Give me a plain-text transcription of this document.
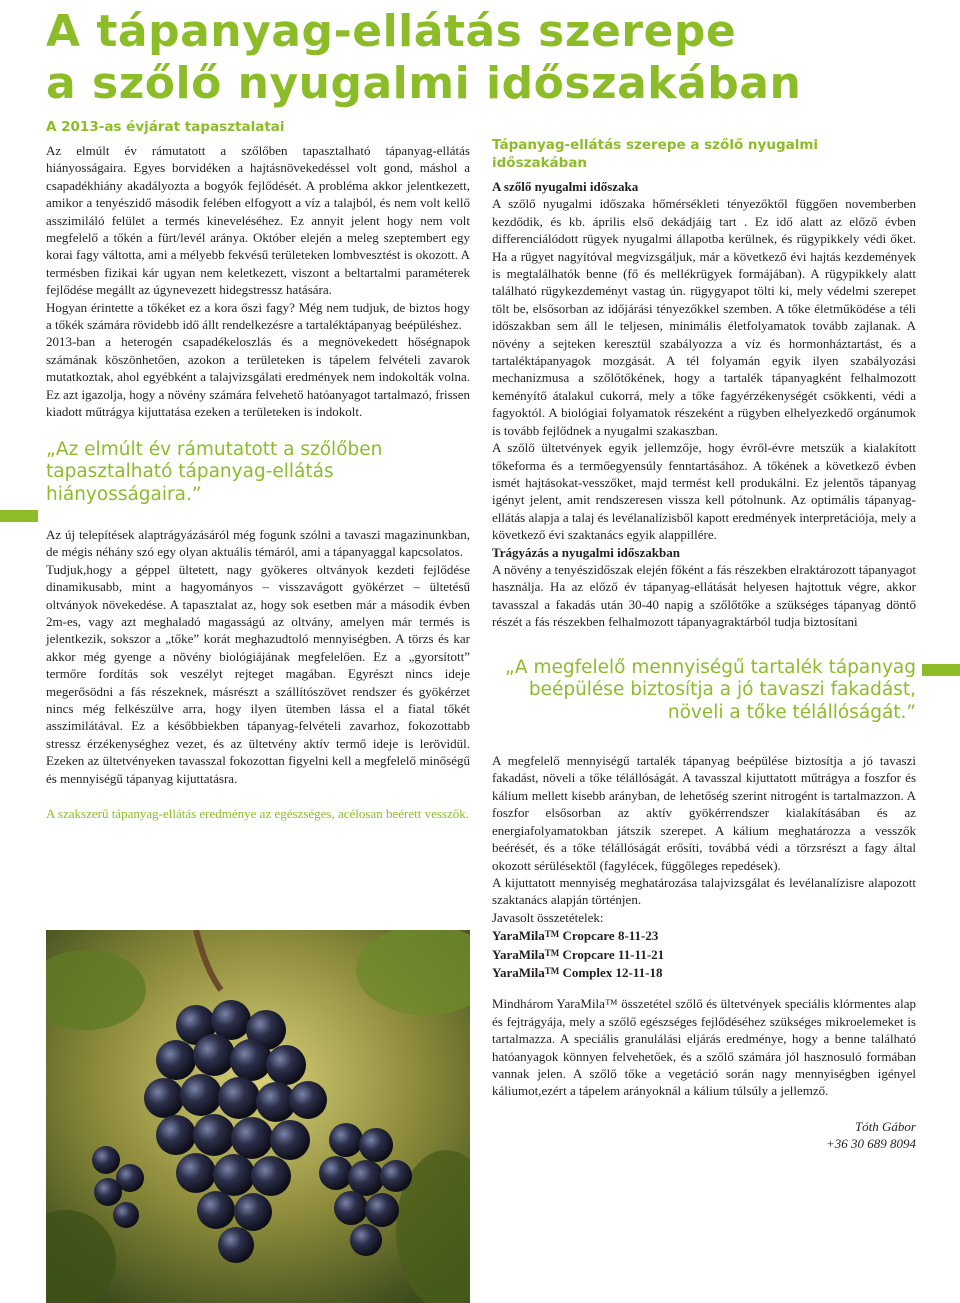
A tápanyag-ellátás szerepe
a szőlő nyugalmi időszakában
A 2013-as évjárat tapasztalatai

Az elmúlt év rámutatott a szőlőben tapasztalható tápanyag-ellátás hiányosságaira. Egyes borvidéken a hajtásnövekedéssel volt gond, máshol a csapadékhiány akadályozta a bogyók fejlődését. A probléma akkor jelentkezett, amikor a tenyészidő második felében elfogyott a víz a talajból, és nem volt kellő asszimiláló felület a termés kineveléséhez. Ez annyit jelent hogy nem volt megfelelő a tőkén a fürt/levél aránya. Október elején a meleg szeptembert egy korai fagy váltotta, ami a mélyebb fekvésű területeken lombvesztést is okozott. A termésben fizikai kár ugyan nem keletkezett, viszont a beltartalmi paraméterek fejlődése megállt az úgynevezett hidegstressz hatására.

Hogyan érintette a tőkéket ez a kora őszi fagy? Még nem tudjuk, de biztos hogy a tőkék számára rövidebb idő állt rendelkezésre a tartaléktápanyag beépüléshez.

2013-ban a heterogén csapadékeloszlás és a megnövekedett hőségnapok számának köszönhetően, azokon a területeken is tápelem felvételi zavarok mutatkoztak, ahol egyébként a talajvizsgálati eredmények nem indokolták volna. Ez azt igazolja, hogy a növény számára felvehető hatóanyagot tartalmazó, frissen kiadott műtrágya kijuttatása ezeken a területeken is indokolt.

„Az elmúlt év rámutatott a szőlőben tapasztalható tápanyag-ellátás hiányosságaira.”

Az új telepítések alaptrágyázásáról még fogunk szólni a tavaszi magazinunkban, de mégis néhány szó egy olyan aktuális témáról, ami a tápanyaggal kapcsolatos.

Tudjuk,hogy a géppel ültetett, nagy gyökeres oltványok kezdeti fejlődése dinamikusabb, mint a hagyományos – visszavágott gyökérzet – ültetésű oltványok növekedése. A tapasztalat az, hogy sok esetben már a második évben 2m-es, vagy azt meghaladó magasságú az oltvány, amelyen már termés is jelentkezik, sokszor a „tőke” korát meghazudtoló mennyiségben. A törzs és kar akkor még gyenge a növény biológiájának megfelelően. Ez a „gyorsított” termőre fordítás sok veszélyt rejteget magában. Egyrészt nincs ideje megerősödni a fás részeknek, másrészt a szállítószövet rendszer és gyökérzet nincs még felkészülve arra, hogy ilyen ütemben lássa el a fiatal tőkét asszimilátával. Ez a későbbiekben tápanyag-felvételi zavarhoz, fokozottabb stressz érzékenységhez vezet, és az ültetvény aktív termő ideje is lerövidül. Ezeken az ültetvényeken tavasszal fokozottan figyelni kell a megfelelő minőségű és mennyiségű tápanyag kijuttatásra.

A szakszerű tápanyag-ellátás eredménye az egészséges, acélosan beérett vesszők.
Tápanyag-ellátás szerepe a szőlő nyugalmi időszakában
A szőlő nyugalmi időszaka

A szőlő nyugalmi időszaka hőmérsékleti tényezőktől függően novemberben kezdődik, és kb. április első dekádjáig tart . Ez idő alatt az előző évben differenciálódott rügyek nyugalmi állapotba kerülnek, és rügypikkely védi őket. Ha a rügyet nagyítóval megvizsgáljuk, már a következő évi hajtás kezdemények is megtalálhatók benne (fő és mellékrügyek formájában). A rügypikkely alatt található rügykezdeményt vastag ún. rügygyapot tölti ki, mely védelmi szerepet tölt be, elsősorban az időjárási tényezőkkel szemben. A tőke életműködése a téli időszakban sem áll le teljesen, minimális életfolyamatok tovább zajlanak. A növény a sejteken keresztül szabályozza a víz és hormonháztartást, és a tartaléktápanyagok mozgását. A tél folyamán egyik ilyen szabályozási mechanizmusa a szőlőtőkének, hogy a tartalék tápanyagként felhalmozott keményítő átalakul cukorrá, mely a tőke fagyérzékenységét csökkenti, védi a fagyoktól. A biológiai folyamatok részeként a rügyben elhelyezkedő orgánumok is tovább fejlődnek a nyugalmi szakaszban.

A szőlő ültetvények egyik jellemzője, hogy évről-évre metszük a kialakított tőkeforma és a termőegyensúly fenntartásához. A tőkének a következő évben ismét hajtásokat-vesszőket, majd termést kell produkálni. Ez jelentős tápanyag igényt jelent, amit rendszeresen vissza kell pótolnunk. Az optimális tápanyag-ellátás alapja a talaj és levélanalízisből kapott eredmények interpretációja, mely a következő évi szaktanács egyik alappillére.

Trágyázás a nyugalmi időszakban

A növény a tenyészidőszak elején főként a fás részekben elraktározott tápanyagot használja. Ha az előző év tápanyag-ellátását helyesen hajtottuk végre, akkor tavasszal a fakadás után 30-40 napig a szőlőtőke a szükséges tápanyag döntő részét a fás részekben felhalmozott tápanyagraktárból tudja biztosítani

„A megfelelő mennyiségű tartalék tápanyag beépülése biztosítja a jó tavaszi fakadást, növeli a tőke télállóságát.”

A megfelelő mennyiségű tartalék tápanyag beépülése biztosítja a jó tavaszi fakadást, növeli a tőke télállóságát. A tavasszal kijuttatott műtrágya a foszfor és kálium mellett kisebb arányban, de lehetőség szerint nitrogént is tartalmazzon. A foszfor elsősorban az aktív gyökérrendszer kialakításában és az energiafolyamatokban játszik szerepet. A kálium meghatározza a vesszők beérését, és a tőke télállóságát erősíti, továbbá védi a törzsrészt a fagy által okozott sérülésektől (fagylécek, függőleges repedések).

A kijuttatott mennyiség meghatározása talajvizsgálat és levélanalízisre alapozott szaktanács alapján történjen.

Javasolt összetételek:

YaraMila™ Cropcare 8-11-23
YaraMila™ Cropcare 11-11-21
YaraMila™ Complex 12-11-18

Mindhárom YaraMila™ összetétel szőlő és ültetvények speciális klórmentes alap és fejtrágyája, mely a szőlő egészséges fejlődéséhez szükséges mikroelemeket is tartalmazza. A speciális granulálási eljárás eredménye, hogy a benne található hatóanyagok könnyen felvehetőek, és a szőlő számára jól hasznosuló formában vannak jelen. A szőlő tőke a vegetáció során nagy mennyiségben igényel káliumot,ezért a tápelem arányoknál a kálium túlsúly a jellemző.

Tóth Gábor
+36 30 689 8094
